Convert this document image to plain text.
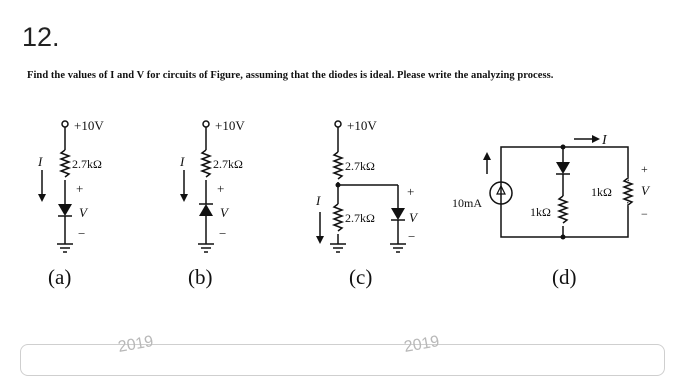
12.
Find the values of I and V for circuits of Figure, assuming that the diodes is ideal. Please write the analyzing process.
+10V
2.7kΩ
I
+
V
−
(a)
+10V
2.7kΩ
I
+
V
−
(b)
+10V
2.7kΩ
2.7kΩ
I
+
V
−
(c)
10mA
1kΩ
1kΩ
I
+
V
−
(d)
2019	2019
